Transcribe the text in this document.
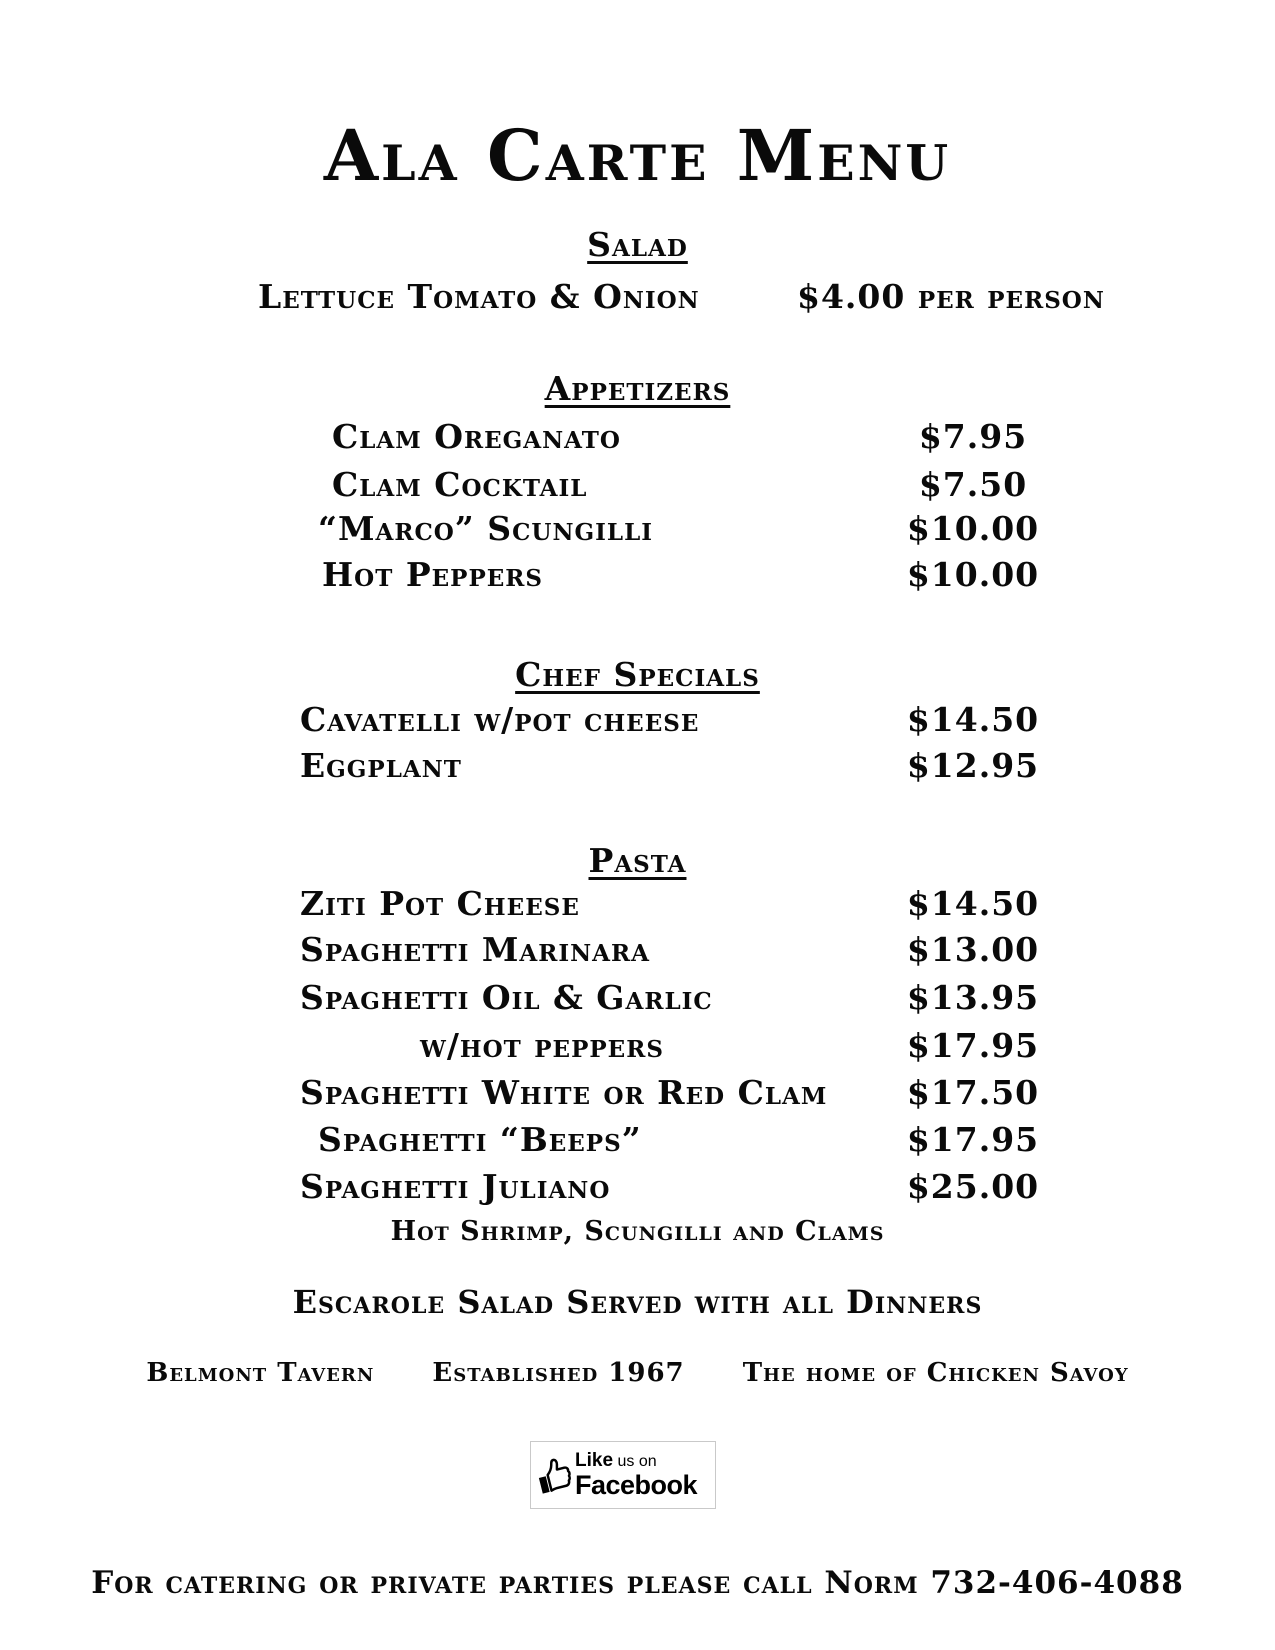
Ala Carte Menu
Salad
Lettuce Tomato & Onion	$4.00 per person
Appetizers
Clam Oreganato	$7.95
Clam Cocktail	$7.50
“Marco” Scungilli	$10.00
Hot Peppers	$10.00
Chef Specials
Cavatelli w/pot cheese	$14.50
Eggplant	$12.95
Pasta
Ziti Pot Cheese	$14.50
Spaghetti Marinara	$13.00
Spaghetti Oil & Garlic	$13.95
w/hot peppers	$17.95
Spaghetti White or Red Clam	$17.50
Spaghetti “Beeps”	$17.95
Spaghetti Juliano	$25.00
Hot Shrimp, Scungilli and Clams
Escarole Salad Served with all Dinners
Belmont Tavern Established 1967 The home of Chicken Savoy
Like us on
Facebook
For catering or private parties please call Norm 732-406-4088
